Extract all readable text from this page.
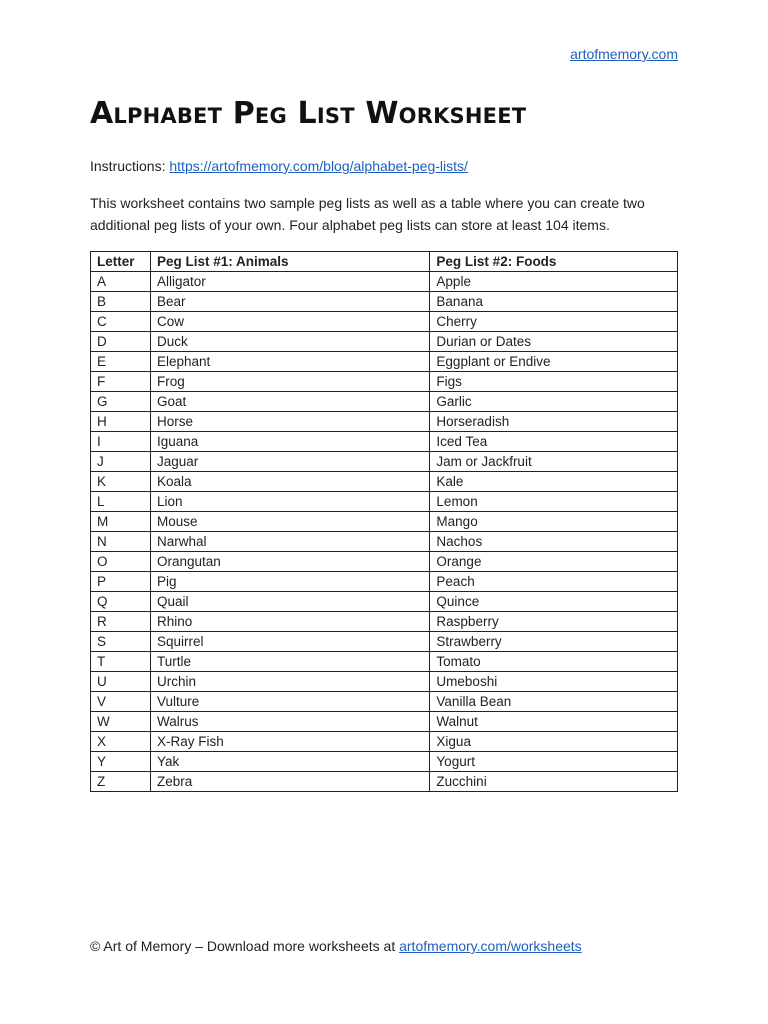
artofmemory.com
Alphabet Peg List Worksheet

Instructions: https://artofmemory.com/blog/alphabet-peg-lists/

This worksheet contains two sample peg lists as well as a table where you can create two additional peg lists of your own. Four alphabet peg lists can store at least 104 items.

Letter	Peg List #1: Animals	Peg List #2: Foods
A	Alligator	Apple
B	Bear	Banana
C	Cow	Cherry
D	Duck	Durian or Dates
E	Elephant	Eggplant or Endive
F	Frog	Figs
G	Goat	Garlic
H	Horse	Horseradish
I	Iguana	Iced Tea
J	Jaguar	Jam or Jackfruit
K	Koala	Kale
L	Lion	Lemon
M	Mouse	Mango
N	Narwhal	Nachos
O	Orangutan	Orange
P	Pig	Peach
Q	Quail	Quince
R	Rhino	Raspberry
S	Squirrel	Strawberry
T	Turtle	Tomato
U	Urchin	Umeboshi
V	Vulture	Vanilla Bean
W	Walrus	Walnut
X	X-Ray Fish	Xigua
Y	Yak	Yogurt
Z	Zebra	Zucchini

© Art of Memory – Download more worksheets at artofmemory.com/worksheets
